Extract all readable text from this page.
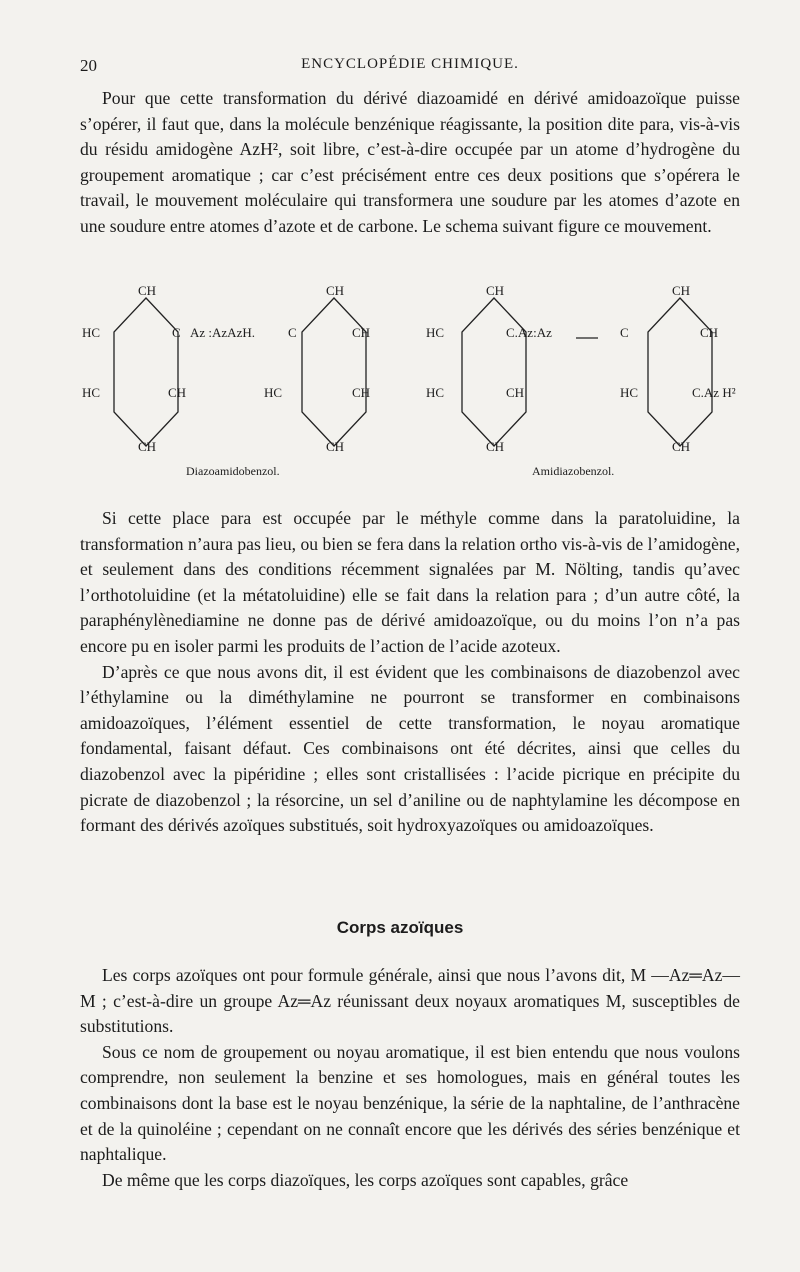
20	ENCYCLOPÉDIE CHIMIQUE.

Pour que cette transformation du dérivé diazoamidé en dérivé amidoazoïque puisse s’opérer, il faut que, dans la molécule benzénique réagissante, la position dite para, vis-à-vis du résidu amidogène AzH², soit libre, c’est-à-dire occupée par un atome d’hydrogène du groupement aromatique ; car c’est précisément entre ces deux positions que s’opérera le travail, le mouvement moléculaire qui transformera une soudure par les atomes d’azote en une soudure entre atomes d’azote et de carbone. Le schema suivant figure ce mouvement.

CH	CH	CH	CH
HC
HC
C
CH
CH
Az :AzAzH.	C
HC
CH
CH
CH
HC
HC
C.Az:Az
CH
CH
C
HC
CH
C.Az H²
CH
Diazoamidobenzol.	Amidiazobenzol.

Si cette place para est occupée par le méthyle comme dans la paratoluidine, la transformation n’aura pas lieu, ou bien se fera dans la relation ortho vis-à-vis de l’amidogène, et seulement dans des conditions récemment signalées par M. Nölting, tandis qu’avec l’orthotoluidine (et la métatoluidine) elle se fait dans la relation para ; d’un autre côté, la paraphénylènediamine ne donne pas de dérivé amidoazoïque, ou du moins l’on n’a pas encore pu en isoler parmi les produits de l’action de l’acide azoteux.

D’après ce que nous avons dit, il est évident que les combinaisons de diazobenzol avec l’éthylamine ou la diméthylamine ne pourront se transformer en combinaisons amidoazoïques, l’élément essentiel de cette transformation, le noyau aromatique fondamental, faisant défaut. Ces combinaisons ont été décrites, ainsi que celles du diazobenzol avec la pipéridine ; elles sont cristallisées : l’acide picrique en précipite du picrate de diazobenzol ; la résorcine, un sel d’aniline ou de naphtylamine les décompose en formant des dérivés azoïques substitués, soit hydroxyazoïques ou amidoazoïques.

Corps azoïques

Les corps azoïques ont pour formule générale, ainsi que nous l’avons dit, M —Az═Az—M ; c’est-à-dire un groupe Az═Az réunissant deux noyaux aromatiques M, susceptibles de substitutions.

Sous ce nom de groupement ou noyau aromatique, il est bien entendu que nous voulons comprendre, non seulement la benzine et ses homologues, mais en général toutes les combinaisons dont la base est le noyau benzénique, la série de la naphtaline, de l’anthracène et de la quinoléine ; cependant on ne connaît encore que les dérivés des séries benzénique et naphtalique.

De même que les corps diazoïques, les corps azoïques sont capables, grâce
